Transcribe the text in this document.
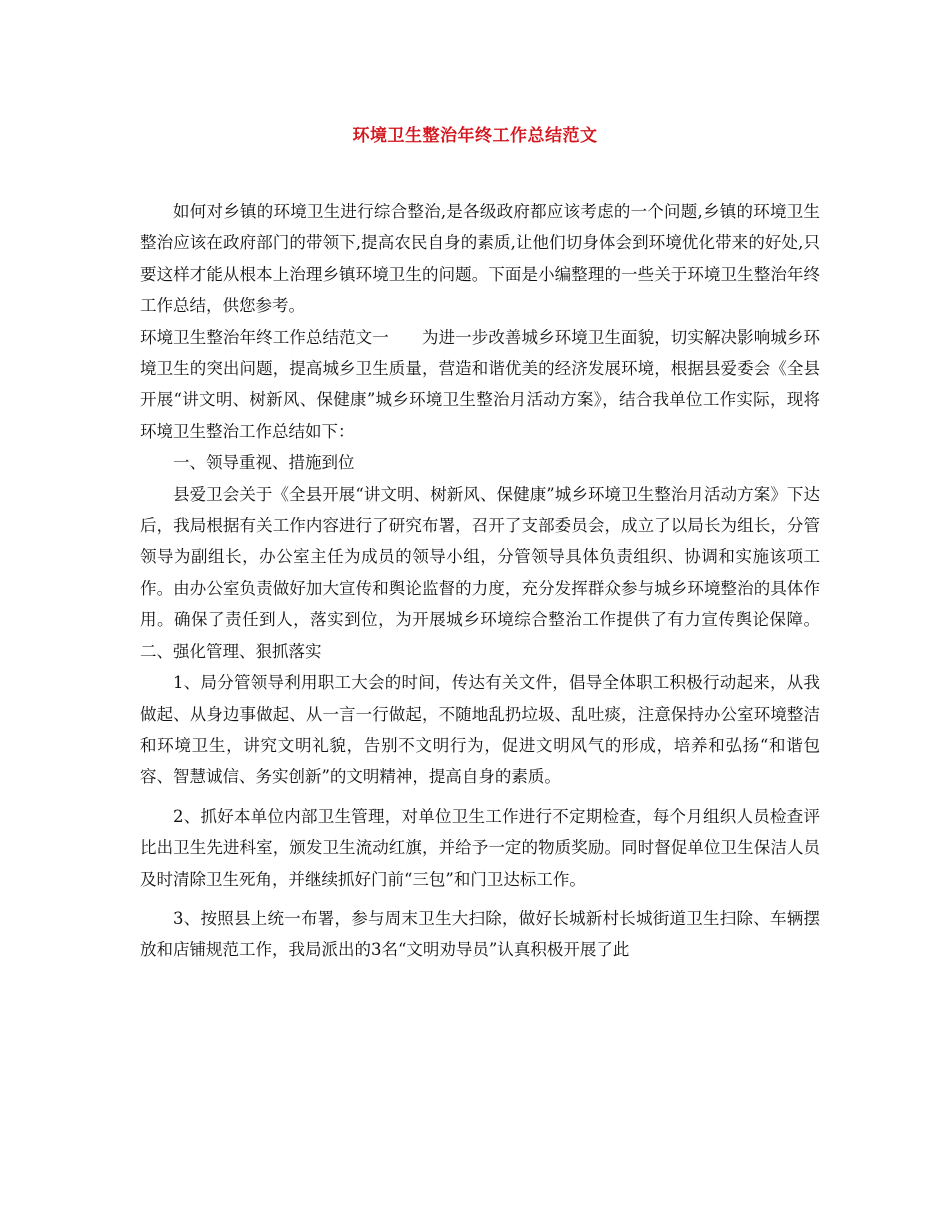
环境卫生整治年终工作总结范文

如何对乡镇的环境卫生进行综合整治,是各级政府都应该考虑的一个问题,乡镇的环境卫生整治应该在政府部门的带领下,提高农民自身的素质,让他们切身体会到环境优化带来的好处,只要这样才能从根本上治理乡镇环境卫生的问题。下面是小编整理的一些关于环境卫生整治年终工作总结，供您参考。

环境卫生整治年终工作总结范文一　　为进一步改善城乡环境卫生面貌，切实解决影响城乡环境卫生的突出问题，提高城乡卫生质量，营造和谐优美的经济发展环境，根据县爱委会《全县开展“讲文明、树新风、保健康”城乡环境卫生整治月活动方案》，结合我单位工作实际，现将环境卫生整治工作总结如下：

一、领导重视、措施到位

县爱卫会关于《全县开展“讲文明、树新风、保健康”城乡环境卫生整治月活动方案》下达后，我局根据有关工作内容进行了研究布署，召开了支部委员会，成立了以局长为组长，分管领导为副组长，办公室主任为成员的领导小组，分管领导具体负责组织、协调和实施该项工作。由办公室负责做好加大宣传和舆论监督的力度，充分发挥群众参与城乡环境整治的具体作用。确保了责任到人，落实到位，为开展城乡环境综合整治工作提供了有力宣传舆论保障。二、强化管理、狠抓落实

1、局分管领导利用职工大会的时间，传达有关文件，倡导全体职工积极行动起来，从我做起、从身边事做起、从一言一行做起，不随地乱扔垃圾、乱吐痰，注意保持办公室环境整洁和环境卫生，讲究文明礼貌，告别不文明行为，促进文明风气的形成，培养和弘扬“和谐包容、智慧诚信、务实创新”的文明精神，提高自身的素质。

2、抓好本单位内部卫生管理，对单位卫生工作进行不定期检查，每个月组织人员检查评比出卫生先进科室，颁发卫生流动红旗，并给予一定的物质奖励。同时督促单位卫生保洁人员及时清除卫生死角，并继续抓好门前“三包”和门卫达标工作。

3、按照县上统一布署，参与周末卫生大扫除，做好长城新村长城街道卫生扫除、车辆摆放和店铺规范工作，我局派出的3名“文明劝导员”认真积极开展了此
